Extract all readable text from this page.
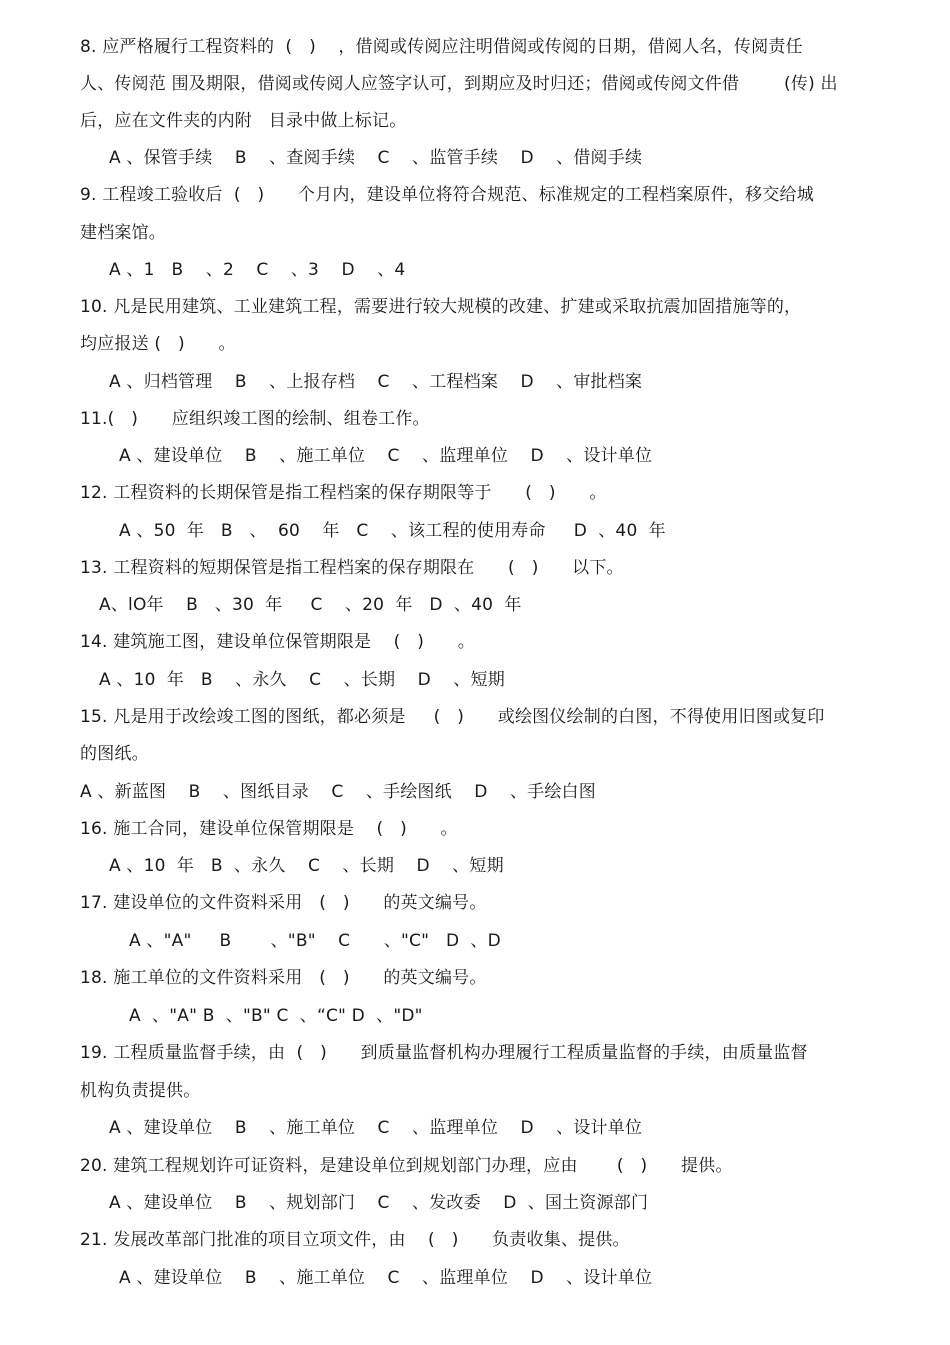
8. 应严格履行工程资料的  (   )    ，借阅或传阅应注明借阅或传阅的日期，借阅人名，传阅责任
人、传阅范 围及期限，借阅或传阅人应签字认可，到期应及时归还；借阅或传阅文件借        (传) 出
后，应在文件夹的内附   目录中做上标记。
A 、保管手续    B    、查阅手续    C    、监管手续    D    、借阅手续
9. 工程竣工验收后  (   )      个月内，建设单位将符合规范、标准规定的工程档案原件，移交给城
建档案馆。
A 、1   B    、2    C    、3    D    、4
10. 凡是民用建筑、工业建筑工程，需要进行较大规模的改建、扩建或采取抗震加固措施等的，
均应报送 (   )      。
A 、归档管理    B    、上报存档    C    、工程档案    D    、审批档案
11.(   )      应组织竣工图的绘制、组卷工作。
A 、建设单位    B    、施工单位    C    、监理单位    D    、设计单位
12. 工程资料的长期保管是指工程档案的保存期限等于      (   )      。
A 、50  年   B   、  60    年   C    、该工程的使用寿命     D  、40  年
13. 工程资料的短期保管是指工程档案的保存期限在      (   )      以下。
A、lO年    B   、30  年     C    、20  年   D  、40  年
14. 建筑施工图，建设单位保管期限是    (   )      。
A 、10  年   B    、永久    C    、长期    D    、短期
15. 凡是用于改绘竣工图的图纸，都必须是     (   )      或绘图仪绘制的白图，不得使用旧图或复印
的图纸。
A 、新蓝图    B    、图纸目录    C    、手绘图纸    D    、手绘白图
16. 施工合同，建设单位保管期限是    (   )      。
A 、10  年   B  、永久    C    、长期    D    、短期
17. 建设单位的文件资料采用   (   )      的英文编号。
A 、"A"     B       、"B"    C      、"C"   D  、D
18. 施工单位的文件资料采用   (   )      的英文编号。
A  、"A" B  、"B" C  、“C" D  、"D"
19. 工程质量监督手续，由  (   )      到质量监督机构办理履行工程质量监督的手续，由质量监督
机构负责提供。
A 、建设单位    B    、施工单位    C    、监理单位    D    、设计单位
20. 建筑工程规划许可证资料，是建设单位到规划部门办理，应由       (   )      提供。
A 、建设单位    B    、规划部门    C    、发改委    D  、国土资源部门
21. 发展改革部门批准的项目立项文件，由    (   )      负责收集、提供。
A 、建设单位    B    、施工单位    C    、监理单位    D    、设计单位
